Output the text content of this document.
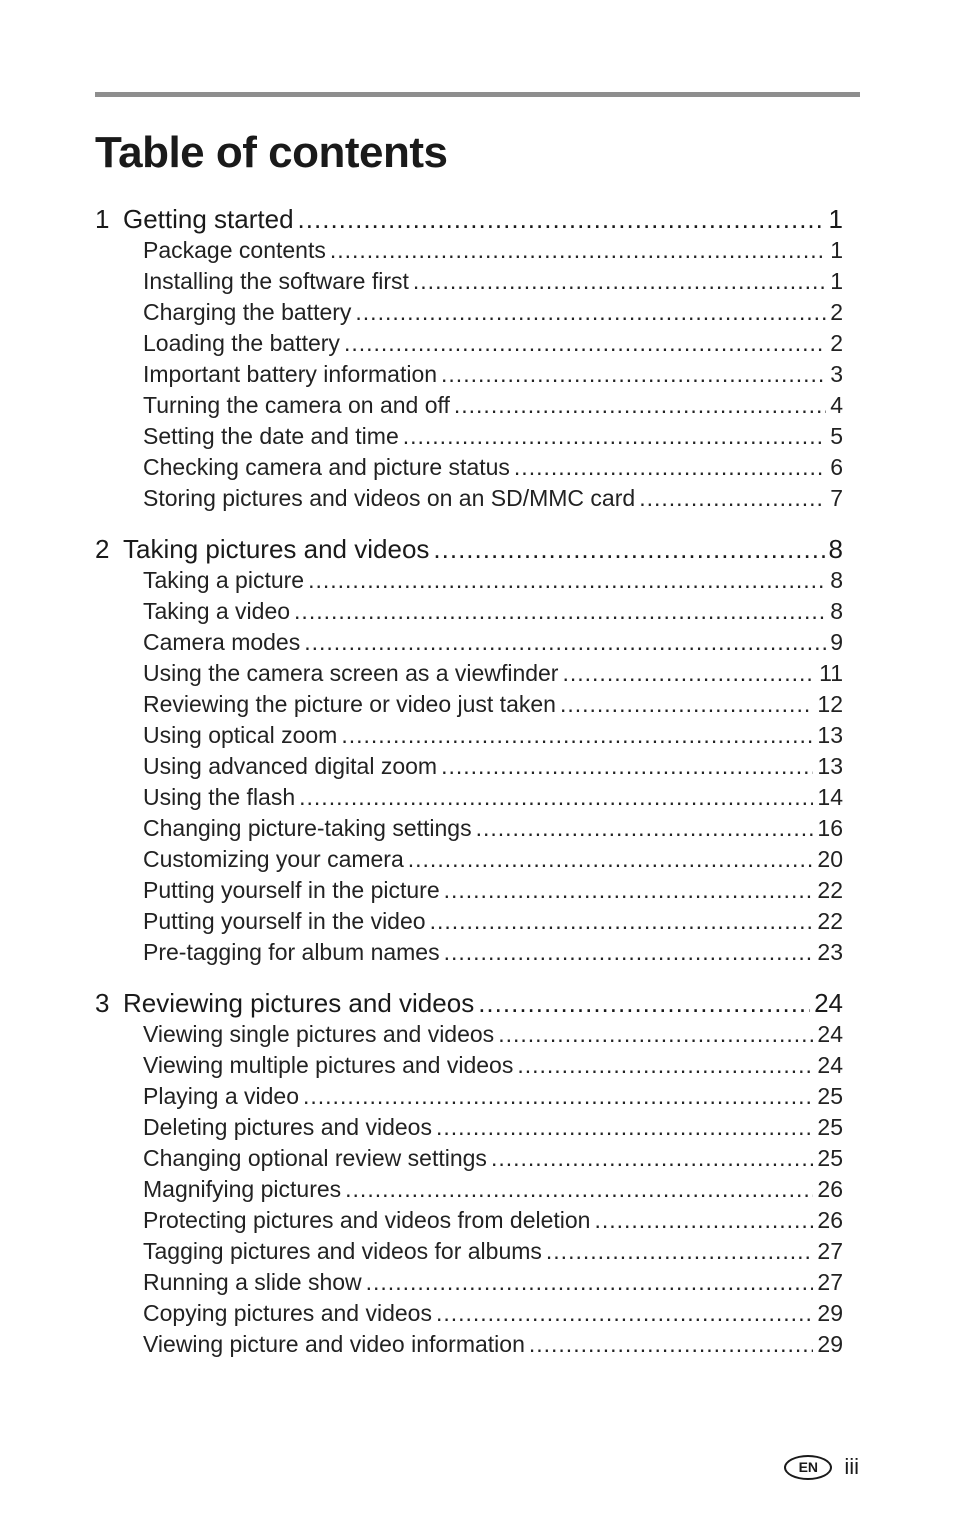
Table of contents
1 Getting started .....	1
Package contents .....	1
Installing the software first .....	1
Charging the battery .....	2
Loading the battery .....	2
Important battery information .....	3
Turning the camera on and off .....	4
Setting the date and time .....	5
Checking camera and picture status .....	6
Storing pictures and videos on an SD/MMC card .....	7
2 Taking pictures and videos .....	8
Taking a picture .....	8
Taking a video .....	8
Camera modes .....	9
Using the camera screen as a viewfinder .....	11
Reviewing the picture or video just taken .....	12
Using optical zoom .....	13
Using advanced digital zoom .....	13
Using the flash .....	14
Changing picture-taking settings .....	16
Customizing your camera .....	20
Putting yourself in the picture .....	22
Putting yourself in the video .....	22
Pre-tagging for album names .....	23
3 Reviewing pictures and videos .....	24
Viewing single pictures and videos .....	24
Viewing multiple pictures and videos .....	24
Playing a video .....	25
Deleting pictures and videos .....	25
Changing optional review settings .....	25
Magnifying pictures .....	26
Protecting pictures and videos from deletion .....	26
Tagging pictures and videos for albums .....	27
Running a slide show .....	27
Copying pictures and videos .....	29
Viewing picture and video information .....	29
EN	iii
